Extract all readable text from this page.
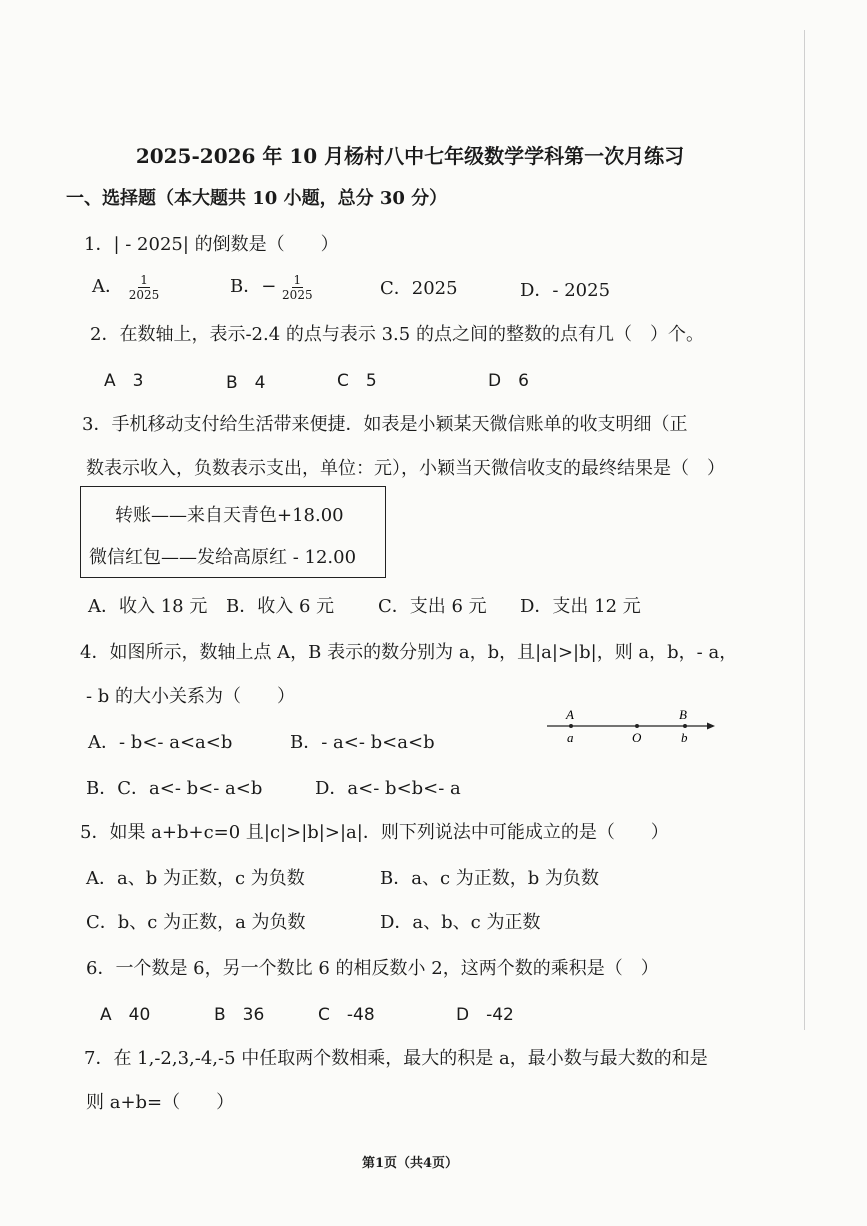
2025-2026 年 10 月杨村八中七年级数学学科第一次月练习
一、选择题（本大题共 10 小题，总分 30 分）
1．| - 2025| 的倒数是（　　）
A． $\frac{1}{2025}$	B．− $\frac{1}{2025}$	C．2025	D．- 2025
2．在数轴上，表示-2.4 的点与表示 3.5 的点之间的整数的点有几（　）个。
A　3	B　4	C　5	D　6
3．手机移动支付给生活带来便捷．如表是小颖某天微信账单的收支明细（正
数表示收入，负数表示支出，单位：元），小颖当天微信收支的最终结果是（　）
转账——来自天青色+18.00
微信红包——发给高原红 - 12.00
A．收入 18 元 B．收入 6 元 C．支出 6 元 D．支出 12 元
4．如图所示，数轴上点 A，B 表示的数分别为 a，b，且|a|>|b|，则 a，b，- a，
- b 的大小关系为（　　）
A．- b<- a<a<b	B．- a<- b<a<b
B．C．a<- b<- a<b	D．a<- b<b<- a
A	B
a	O	b
5．如果 a+b+c=0 且|c|>|b|>|a|．则下列说法中可能成立的是（　　）
A．a、b 为正数，c 为负数	B．a、c 为正数，b 为负数
C．b、c 为正数，a 为负数	D．a、b、c 为正数
6．一个数是 6，另一个数比 6 的相反数小 2，这两个数的乘积是（　）
A　40	B　36	C　-48	D　-42
7．在 1,-2,3,-4,-5 中任取两个数相乘，最大的积是 a，最小数与最大数的和是
则 a+b=（　　）
第1页（共4页）
